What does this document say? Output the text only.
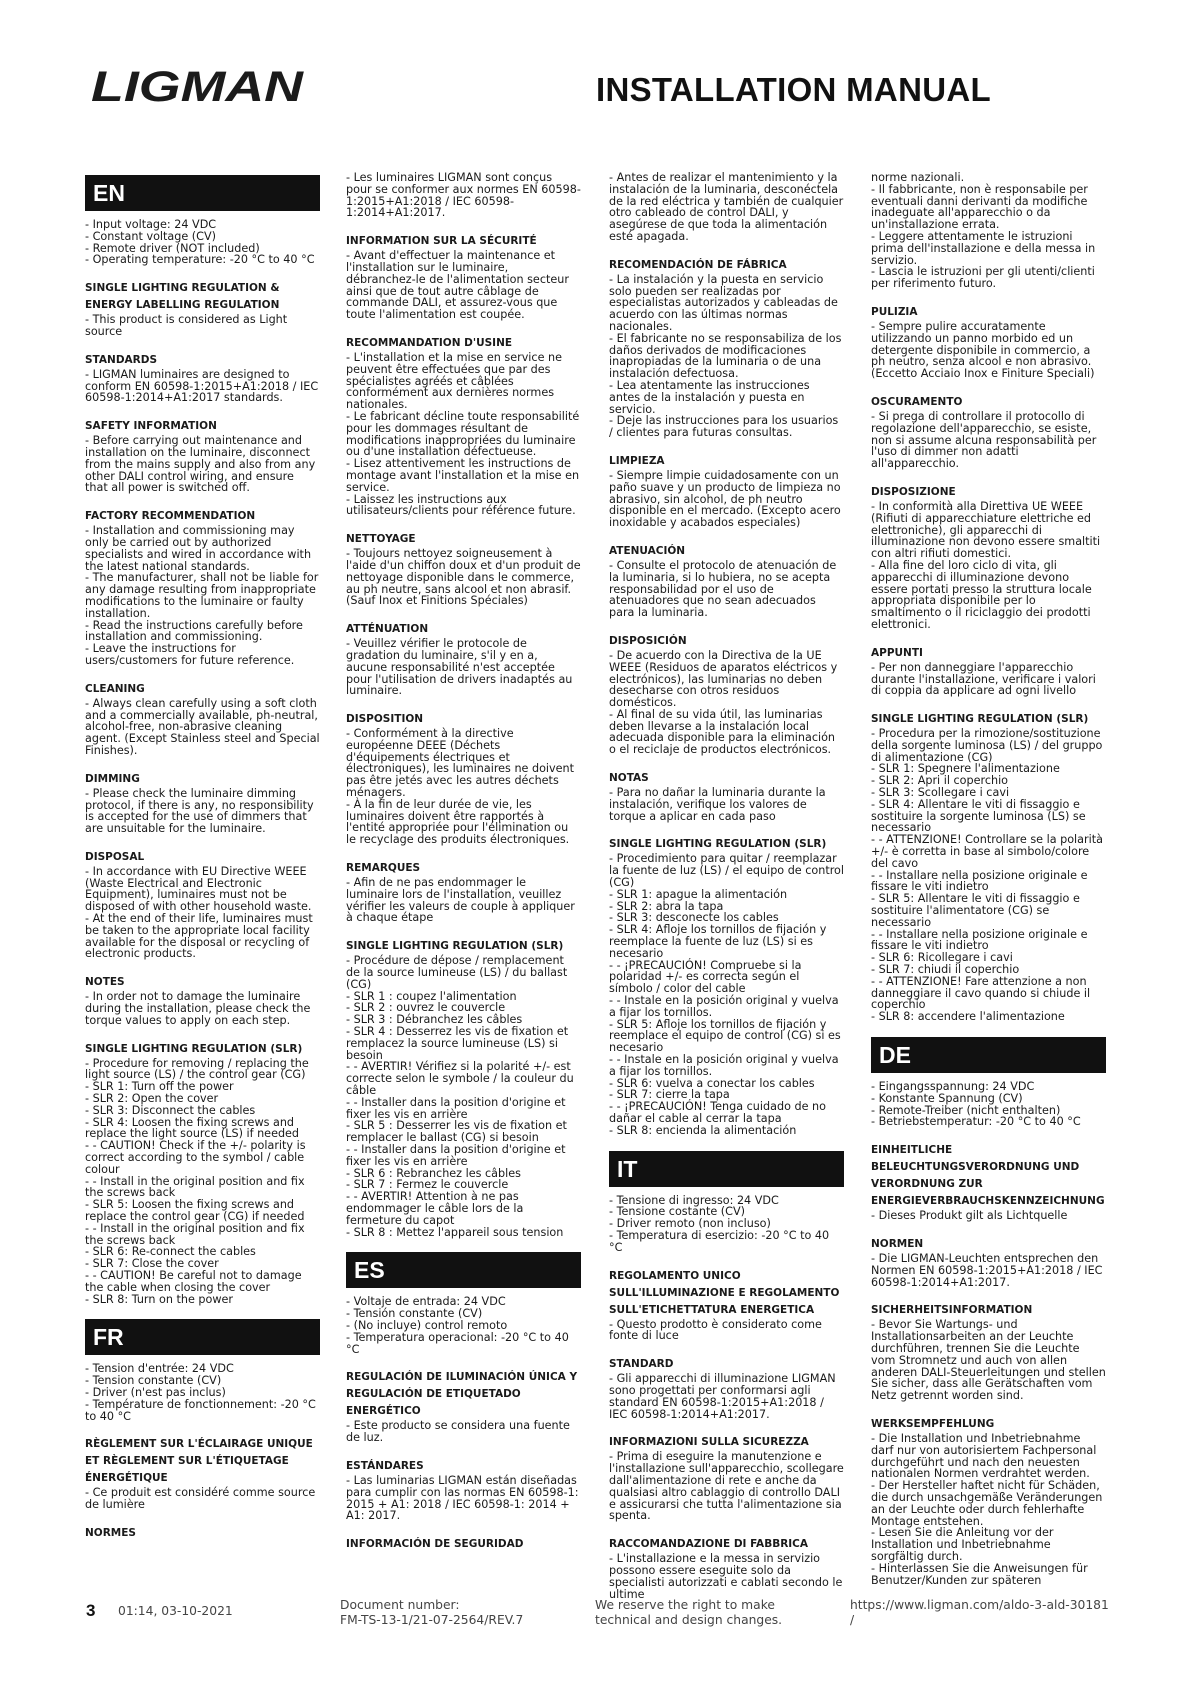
LIGMAN	INSTALLATION MANUAL
EN
- Input voltage: 24 VDC
- Constant voltage (CV)
- Remote driver (NOT included)
- Operating temperature: -20 °C to 40 °C
SINGLE LIGHTING REGULATION & ENERGY LABELLING REGULATION
- This product is considered as Light source
STANDARDS
- LIGMAN luminaires are designed to conform EN 60598-1:2015+A1:2018 / IEC 60598-1:2014+A1:2017 standards.
SAFETY INFORMATION
- Before carrying out maintenance and installation on the luminaire, disconnect from the mains supply and also from any other DALI control wiring, and ensure that all power is switched off.
FACTORY RECOMMENDATION
- Installation and commissioning may only be carried out by authorized specialists and wired in accordance with the latest national standards.
- The manufacturer, shall not be liable for any damage resulting from inappropriate modifications to the luminaire or faulty installation.
- Read the instructions carefully before installation and commissioning.
- Leave the instructions for users/customers for future reference.
CLEANING
- Always clean carefully using a soft cloth and a commercially available, ph-neutral, alcohol-free, non-abrasive cleaning agent. (Except Stainless steel and Special Finishes).
DIMMING
- Please check the luminaire dimming protocol, if there is any, no responsibility is accepted for the use of dimmers that are unsuitable for the luminaire.
DISPOSAL
- In accordance with EU Directive WEEE (Waste Electrical and Electronic Equipment), luminaires must not be disposed of with other household waste.
- At the end of their life, luminaires must be taken to the appropriate local facility available for the disposal or recycling of electronic products.
NOTES
- In order not to damage the luminaire during the installation, please check the torque values to apply on each step.
SINGLE LIGHTING REGULATION (SLR)
- Procedure for removing / replacing the light source (LS) / the control gear (CG)
- SLR 1: Turn off the power
- SLR 2: Open the cover
- SLR 3: Disconnect the cables
- SLR 4: Loosen the fixing screws and replace the light source (LS) if needed
- - CAUTION! Check if the +/- polarity is correct according to the symbol / cable colour
- - Install in the original position and fix the screws back
- SLR 5: Loosen the fixing screws and replace the control gear (CG) if needed
- - Install in the original position and fix the screws back
- SLR 6: Re-connect the cables
- SLR 7: Close the cover
- - CAUTION! Be careful not to damage the cable when closing the cover
- SLR 8: Turn on the power
FR
- Tension d'entrée: 24 VDC
- Tension constante (CV)
- Driver (n'est pas inclus)
- Température de fonctionnement: -20 °C to 40 °C
RÈGLEMENT SUR L'ÉCLAIRAGE UNIQUE ET RÈGLEMENT SUR L'ÉTIQUETAGE ÉNERGÉTIQUE
- Ce produit est considéré comme source de lumière
NORMES
- Les luminaires LIGMAN sont conçus pour se conformer aux normes EN 60598-1:2015+A1:2018 / IEC 60598-1:2014+A1:2017.
INFORMATION SUR LA SÉCURITÉ
- Avant d'effectuer la maintenance et l'installation sur le luminaire, débranchez-le de l'alimentation secteur ainsi que de tout autre câblage de commande DALI, et assurez-vous que toute l'alimentation est coupée.
RECOMMANDATION D'USINE
- L'installation et la mise en service ne peuvent être effectuées que par des spécialistes agréés et câblées conformément aux dernières normes nationales.
- Le fabricant décline toute responsabilité pour les dommages résultant de modifications inappropriées du luminaire ou d'une installation défectueuse.
- Lisez attentivement les instructions de montage avant l'installation et la mise en service.
- Laissez les instructions aux utilisateurs/clients pour référence future.
NETTOYAGE
- Toujours nettoyez soigneusement à l'aide d'un chiffon doux et d'un produit de nettoyage disponible dans le commerce, au ph neutre, sans alcool et non abrasif. (Sauf Inox et Finitions Spéciales)
ATTÉNUATION
- Veuillez vérifier le protocole de gradation du luminaire, s'il y en a, aucune responsabilité n'est acceptée pour l'utilisation de drivers inadaptés au luminaire.
DISPOSITION
- Conformément à la directive européenne DEEE (Déchets d'équipements électriques et électroniques), les luminaires ne doivent pas être jetés avec les autres déchets ménagers.
- À la fin de leur durée de vie, les luminaires doivent être rapportés à l'entité appropriée pour l'élimination ou le recyclage des produits électroniques.
REMARQUES
- Afin de ne pas endommager le luminaire lors de l'installation, veuillez vérifier les valeurs de couple à appliquer à chaque étape
SINGLE LIGHTING REGULATION (SLR)
- Procédure de dépose / remplacement de la source lumineuse (LS) / du ballast (CG)
- SLR 1 : coupez l'alimentation
- SLR 2 : ouvrez le couvercle
- SLR 3 : Débranchez les câbles
- SLR 4 : Desserrez les vis de fixation et remplacez la source lumineuse (LS) si besoin
- - AVERTIR! Vérifiez si la polarité +/- est correcte selon le symbole / la couleur du câble
- - Installer dans la position d'origine et fixer les vis en arrière
- SLR 5 : Desserrer les vis de fixation et remplacer le ballast (CG) si besoin
- - Installer dans la position d'origine et fixer les vis en arrière
- SLR 6 : Rebranchez les câbles
- SLR 7 : Fermez le couvercle
- - AVERTIR! Attention à ne pas endommager le câble lors de la fermeture du capot
- SLR 8 : Mettez l'appareil sous tension
ES
- Voltaje de entrada: 24 VDC
- Tensión constante (CV)
- (No incluye) control remoto
- Temperatura operacional: -20 °C to 40 °C
REGULACIÓN DE ILUMINACIÓN ÚNICA Y REGULACIÓN DE ETIQUETADO ENERGÉTICO
- Este producto se considera una fuente de luz.
ESTÁNDARES
- Las luminarias LIGMAN están diseñadas para cumplir con las normas EN 60598-1: 2015 + A1: 2018 / IEC 60598-1: 2014 + A1: 2017.
INFORMACIÓN DE SEGURIDAD
- Antes de realizar el mantenimiento y la instalación de la luminaria, desconéctela de la red eléctrica y también de cualquier otro cableado de control DALI, y asegúrese de que toda la alimentación esté apagada.
RECOMENDACIÓN DE FÁBRICA
- La instalación y la puesta en servicio solo pueden ser realizadas por especialistas autorizados y cableadas de acuerdo con las últimas normas nacionales.
- El fabricante no se responsabiliza de los daños derivados de modificaciones inapropiadas de la luminaria o de una instalación defectuosa.
- Lea atentamente las instrucciones antes de la instalación y puesta en servicio.
- Deje las instrucciones para los usuarios / clientes para futuras consultas.
LIMPIEZA
- Siempre limpie cuidadosamente con un paño suave y un producto de limpieza no abrasivo, sin alcohol, de ph neutro disponible en el mercado. (Excepto acero inoxidable y acabados especiales)
ATENUACIÓN
- Consulte el protocolo de atenuación de la luminaria, si lo hubiera, no se acepta responsabilidad por el uso de atenuadores que no sean adecuados para la luminaria.
DISPOSICIÓN
- De acuerdo con la Directiva de la UE WEEE (Residuos de aparatos eléctricos y electrónicos), las luminarias no deben desecharse con otros residuos domésticos.
- Al final de su vida útil, las luminarias deben llevarse a la instalación local adecuada disponible para la eliminación o el reciclaje de productos electrónicos.
NOTAS
- Para no dañar la luminaria durante la instalación, verifique los valores de torque a aplicar en cada paso
SINGLE LIGHTING REGULATION (SLR)
- Procedimiento para quitar / reemplazar la fuente de luz (LS) / el equipo de control (CG)
- SLR 1: apague la alimentación
- SLR 2: abra la tapa
- SLR 3: desconecte los cables
- SLR 4: Afloje los tornillos de fijación y reemplace la fuente de luz (LS) si es necesario
- - ¡PRECAUCIÓN! Compruebe si la polaridad +/- es correcta según el símbolo / color del cable
- - Instale en la posición original y vuelva a fijar los tornillos.
- SLR 5: Afloje los tornillos de fijación y reemplace el equipo de control (CG) si es necesario
- - Instale en la posición original y vuelva a fijar los tornillos.
- SLR 6: vuelva a conectar los cables
- SLR 7: cierre la tapa
- - ¡PRECAUCIÓN! Tenga cuidado de no dañar el cable al cerrar la tapa
- SLR 8: encienda la alimentación
IT
- Tensione di ingresso: 24 VDC
- Tensione costante (CV)
- Driver remoto (non incluso)
- Temperatura di esercizio: -20 °C to 40 °C
REGOLAMENTO UNICO SULL'ILLUMINAZIONE E REGOLAMENTO SULL'ETICHETTATURA ENERGETICA
- Questo prodotto è considerato come fonte di luce
STANDARD
- Gli apparecchi di illuminazione LIGMAN sono progettati per conformarsi agli standard EN 60598-1:2015+A1:2018 / IEC 60598-1:2014+A1:2017.
INFORMAZIONI SULLA SICUREZZA
- Prima di eseguire la manutenzione e l'installazione sull'apparecchio, scollegare dall'alimentazione di rete e anche da qualsiasi altro cablaggio di controllo DALI e assicurarsi che tutta l'alimentazione sia spenta.
RACCOMANDAZIONE DI FABBRICA
- L'installazione e la messa in servizio possono essere eseguite solo da specialisti autorizzati e cablati secondo le ultime
norme nazionali.
- Il fabbricante, non è responsabile per eventuali danni derivanti da modifiche inadeguate all'apparecchio o da un'installazione errata.
- Leggere attentamente le istruzioni prima dell'installazione e della messa in servizio.
- Lascia le istruzioni per gli utenti/clienti per riferimento futuro.
PULIZIA
- Sempre pulire accuratamente utilizzando un panno morbido ed un detergente disponibile in commercio, a ph neutro, senza alcool e non abrasivo. (Eccetto Acciaio Inox e Finiture Speciali)
OSCURAMENTO
- Si prega di controllare il protocollo di regolazione dell'apparecchio, se esiste, non si assume alcuna responsabilità per l'uso di dimmer non adatti all'apparecchio.
DISPOSIZIONE
- In conformità alla Direttiva UE WEEE (Rifiuti di apparecchiature elettriche ed elettroniche), gli apparecchi di illuminazione non devono essere smaltiti con altri rifiuti domestici.
- Alla fine del loro ciclo di vita, gli apparecchi di illuminazione devono essere portati presso la struttura locale appropriata disponibile per lo smaltimento o il riciclaggio dei prodotti elettronici.
APPUNTI
- Per non danneggiare l'apparecchio durante l'installazione, verificare i valori di coppia da applicare ad ogni livello
SINGLE LIGHTING REGULATION (SLR)
- Procedura per la rimozione/sostituzione della sorgente luminosa (LS) / del gruppo di alimentazione (CG)
- SLR 1: Spegnere l'alimentazione
- SLR 2: Apri il coperchio
- SLR 3: Scollegare i cavi
- SLR 4: Allentare le viti di fissaggio e sostituire la sorgente luminosa (LS) se necessario
- - ATTENZIONE! Controllare se la polarità +/- è corretta in base al simbolo/colore del cavo
- - Installare nella posizione originale e fissare le viti indietro
- SLR 5: Allentare le viti di fissaggio e sostituire l'alimentatore (CG) se necessario
- - Installare nella posizione originale e fissare le viti indietro
- SLR 6: Ricollegare i cavi
- SLR 7: chiudi il coperchio
- - ATTENZIONE! Fare attenzione a non danneggiare il cavo quando si chiude il coperchio
- SLR 8: accendere l'alimentazione
DE
- Eingangsspannung: 24 VDC
- Konstante Spannung (CV)
- Remote-Treiber (nicht enthalten)
- Betriebstemperatur: -20 °C to 40 °C
EINHEITLICHE BELEUCHTUNGSVERORDNUNG UND VERORDNUNG ZUR ENERGIEVERBRAUCHSKENNZEICHNUNG
- Dieses Produkt gilt als Lichtquelle
NORMEN
- Die LIGMAN-Leuchten entsprechen den Normen EN 60598-1:2015+A1:2018 / IEC 60598-1:2014+A1:2017.
SICHERHEITSINFORMATION
- Bevor Sie Wartungs- und Installationsarbeiten an der Leuchte durchführen, trennen Sie die Leuchte vom Stromnetz und auch von allen anderen DALI-Steuerleitungen und stellen Sie sicher, dass alle Gerätschaften vom Netz getrennt worden sind.
WERKSEMPFEHLUNG
- Die Installation und Inbetriebnahme darf nur von autorisiertem Fachpersonal durchgeführt und nach den neuesten nationalen Normen verdrahtet werden.
- Der Hersteller haftet nicht für Schäden, die durch unsachgemäße Veränderungen an der Leuchte oder durch fehlerhafte Montage entstehen.
- Lesen Sie die Anleitung vor der Installation und Inbetriebnahme sorgfältig durch.
- Hinterlassen Sie die Anweisungen für Benutzer/Kunden zur späteren
3 01:14, 03-10-2021	Document number:
FM-TS-13-1/21-07-2564/REV.7
We reserve the right to make
technical and design changes.
https://www.ligman.com/aldo-3-ald-30181
/
